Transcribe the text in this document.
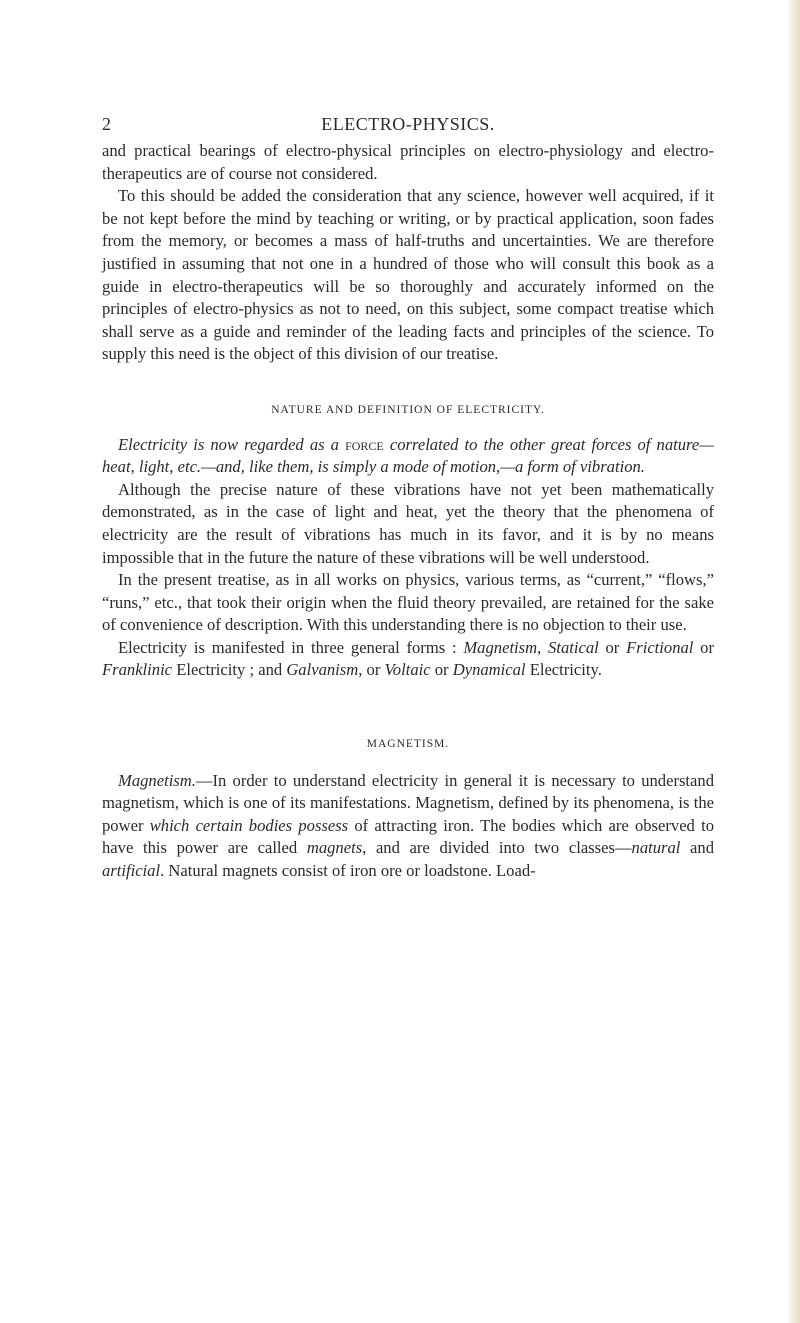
2	ELECTRO-PHYSICS.

and practical bearings of electro-physical principles on electro-physiology and electro-therapeutics are of course not considered.

To this should be added the consideration that any science, however well acquired, if it be not kept before the mind by teaching or writing, or by practical application, soon fades from the memory, or becomes a mass of half-truths and uncertainties. We are therefore justified in assuming that not one in a hundred of those who will consult this book as a guide in electro-therapeutics will be so thoroughly and accurately informed on the principles of electro-physics as not to need, on this subject, some compact treatise which shall serve as a guide and reminder of the leading facts and principles of the science. To supply this need is the object of this division of our treatise.

NATURE AND DEFINITION OF ELECTRICITY.

Electricity is now regarded as a force correlated to the other great forces of nature—heat, light, etc.—and, like them, is simply a mode of motion,—a form of vibration.

Although the precise nature of these vibrations have not yet been mathematically demonstrated, as in the case of light and heat, yet the theory that the phenomena of electricity are the result of vibrations has much in its favor, and it is by no means impossible that in the future the nature of these vibrations will be well understood.

In the present treatise, as in all works on physics, various terms, as “current,” “flows,” “runs,” etc., that took their origin when the fluid theory prevailed, are retained for the sake of convenience of description. With this understanding there is no objection to their use.

Electricity is manifested in three general forms : Magnetism, Statical or Frictional or Franklinic Electricity ; and Galvanism, or Voltaic or Dynamical Electricity.

MAGNETISM.

Magnetism.—In order to understand electricity in general it is necessary to understand magnetism, which is one of its manifestations. Magnetism, defined by its phenomena, is the power which certain bodies possess of attracting iron. The bodies which are observed to have this power are called magnets, and are divided into two classes—natural and artificial. Natural magnets consist of iron ore or loadstone. Load-
